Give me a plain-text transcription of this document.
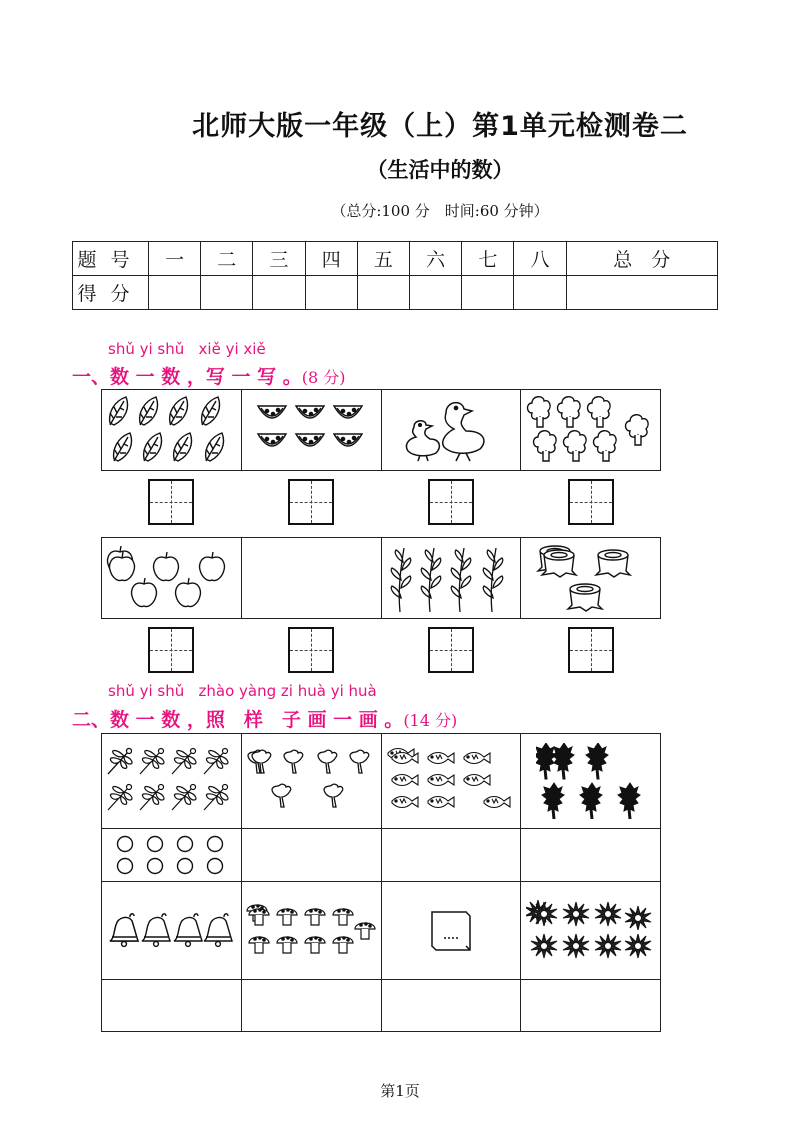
北师大版一年级（上）第1单元检测卷二
（生活中的数）
（总分:100 分　时间:60 分钟）
题号	一	二	三	四	五	六	七	八	总　分
得分									
shǔ yi shǔ   xiě yi xiě
一、数 一 数 ，写 一 写 。(8 分)
shǔ yi shǔ   zhào yàng zi huà yi huà
二、数 一 数 ，照　样　子 画 一 画 。(14 分)
第1页
